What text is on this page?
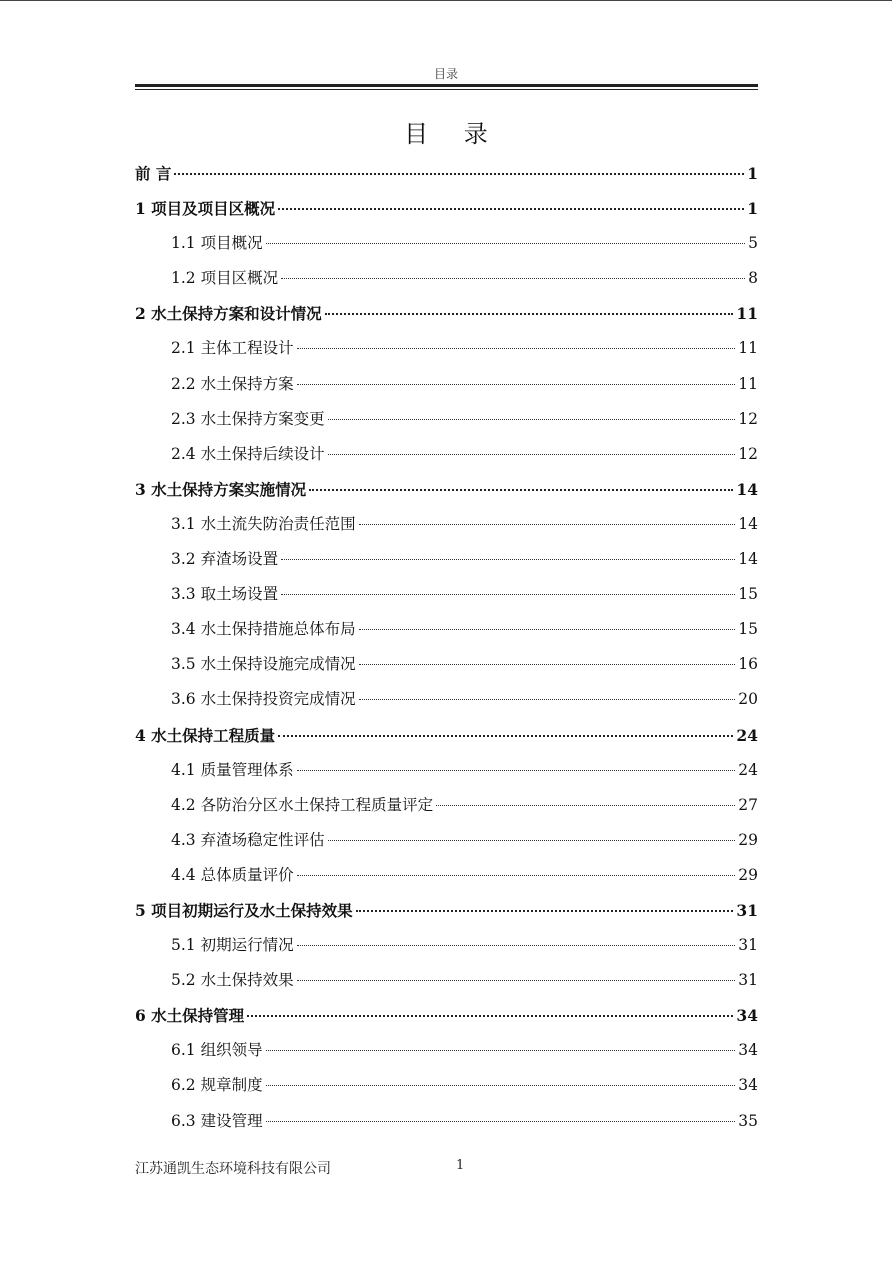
目录
目 录
前 言	1
1 项目及项目区概况	1
1.1 项目概况	5
1.2 项目区概况	8
2 水土保持方案和设计情况	11
2.1 主体工程设计	11
2.2 水土保持方案	11
2.3 水土保持方案变更	12
2.4 水土保持后续设计	12
3 水土保持方案实施情况	14
3.1 水土流失防治责任范围	14
3.2 弃渣场设置	14
3.3 取土场设置	15
3.4 水土保持措施总体布局	15
3.5 水土保持设施完成情况	16
3.6 水土保持投资完成情况	20
4 水土保持工程质量	24
4.1 质量管理体系	24
4.2 各防治分区水土保持工程质量评定	27
4.3 弃渣场稳定性评估	29
4.4 总体质量评价	29
5 项目初期运行及水土保持效果	31
5.1 初期运行情况	31
5.2 水土保持效果	31
6 水土保持管理	34
6.1 组织领导	34
6.2 规章制度	34
6.3 建设管理	35
江苏通凯生态环境科技有限公司	1
